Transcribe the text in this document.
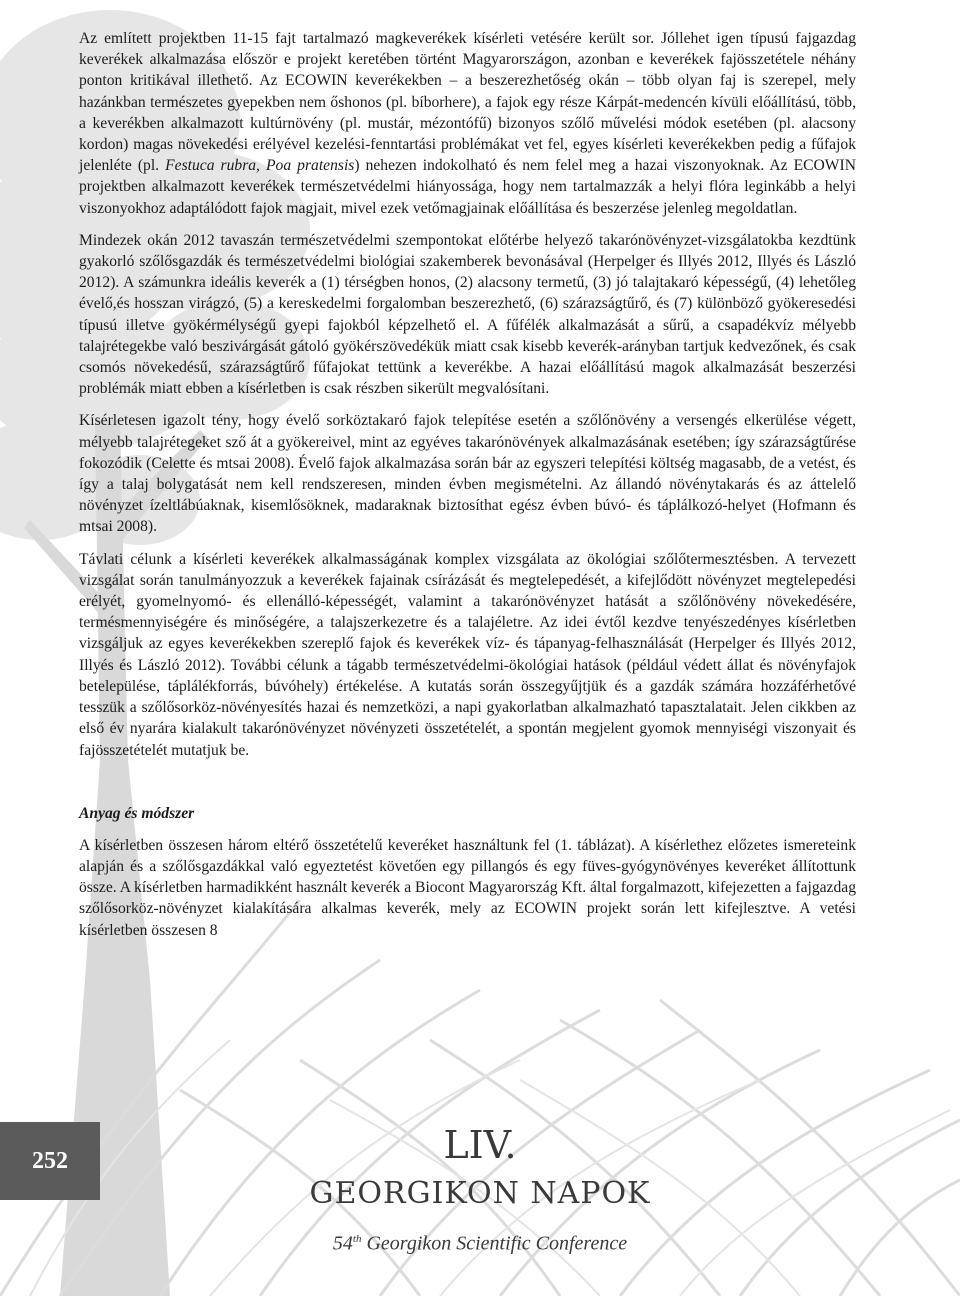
Az említett projektben 11-15 fajt tartalmazó magkeverékek kísérleti vetésére került sor. Jóllehet igen típusú fajgazdag keverékek alkalmazása először e projekt keretében történt Magyarországon, azonban e keverékek fajösszetétele néhány ponton kritikával illethető. Az ECOWIN keverékekben – a beszerezhetőség okán – több olyan faj is szerepel, mely hazánkban természetes gyepekben nem őshonos (pl. bíborhere), a fajok egy része Kárpát-medencén kívüli előállítású, több, a keverékben alkalmazott kultúrnövény (pl. mustár, mézontófű) bizonyos szőlő művelési módok esetében (pl. alacsony kordon) magas növekedési erélyével kezelési-fenntartási problémákat vet fel, egyes kísérleti keverékekben pedig a fűfajok jelenléte (pl. Festuca rubra, Poa pratensis) nehezen indokolható és nem felel meg a hazai viszonyoknak. Az ECOWIN projektben alkalmazott keverékek természetvédelmi hiányossága, hogy nem tartalmazzák a helyi flóra leginkább a helyi viszonyokhoz adaptálódott fajok magjait, mivel ezek vetőmagjainak előállítása és beszerzése jelenleg megoldatlan.

Mindezek okán 2012 tavaszán természetvédelmi szempontokat előtérbe helyező takarónövényzet-vizsgálatokba kezdtünk gyakorló szőlősgazdák és természetvédelmi biológiai szakemberek bevonásával (Herpelger és Illyés 2012, Illyés és László 2012). A számunkra ideális keverék a (1) térségben honos, (2) alacsony termetű, (3) jó talajtakaró képességű, (4) lehetőleg évelő,és hosszan virágzó, (5) a kereskedelmi forgalomban beszerezhető, (6) szárazságtűrő, és (7) különböző gyökeresedési típusú illetve gyökérmélységű gyepi fajokból képzelhető el. A fűfélék alkalmazását a sűrű, a csapadékvíz mélyebb talajrétegekbe való beszivárgását gátoló gyökérszövedékük miatt csak kisebb keverék-arányban tartjuk kedvezőnek, és csak csomós növekedésű, szárazságtűrő fűfajokat tettünk a keverékbe. A hazai előállítású magok alkalmazását beszerzési problémák miatt ebben a kísérletben is csak részben sikerült megvalósítani.

Kísérletesen igazolt tény, hogy évelő sorköztakaró fajok telepítése esetén a szőlőnövény a versengés elkerülése végett, mélyebb talajrétegeket sző át a gyökereivel, mint az egyéves takarónövények alkalmazásának esetében; így szárazságtűrése fokozódik (Celette és mtsai 2008). Évelő fajok alkalmazása során bár az egyszeri telepítési költség magasabb, de a vetést, és így a talaj bolygatását nem kell rendszeresen, minden évben megismételni. Az állandó növénytakarás és az áttelelő növényzet ízeltlábúaknak, kisemlősöknek, madaraknak biztosíthat egész évben búvó- és táplálkozó-helyet (Hofmann és mtsai 2008).

Távlati célunk a kísérleti keverékek alkalmasságának komplex vizsgálata az ökológiai szőlőtermesztésben. A tervezett vizsgálat során tanulmányozzuk a keverékek fajainak csírázását és megtelepedését, a kifejlődött növényzet megtelepedési erélyét, gyomelnyomó- és ellenálló-képességét, valamint a takarónövényzet hatását a szőlőnövény növekedésére, termésmennyiségére és minőségére, a talajszerkezetre és a talajéletre. Az idei évtől kezdve tenyészedényes kísérletben vizsgáljuk az egyes keverékekben szereplő fajok és keverékek víz- és tápanyag-felhasználását (Herpelger és Illyés 2012, Illyés és László 2012). További célunk a tágabb természetvédelmi-ökológiai hatások (például védett állat és növényfajok betelepülése, táplálékforrás, búvóhely) értékelése. A kutatás során összegyűjtjük és a gazdák számára hozzáférhetővé tesszük a szőlősorköz-növényesítés hazai és nemzetközi, a napi gyakorlatban alkalmazható tapasztalatait. Jelen cikkben az első év nyarára kialakult takarónövényzet növényzeti összetételét, a spontán megjelent gyomok mennyiségi viszonyait és fajösszetételét mutatjuk be.

Anyag és módszer

A kísérletben összesen három eltérő összetételű keveréket használtunk fel (1. táblázat). A kísérlethez előzetes ismereteink alapján és a szőlősgazdákkal való egyeztetést követően egy pillangós és egy füves-gyógynövényes keveréket állítottunk össze. A kísérletben harmadikként használt keverék a Biocont Magyarország Kft. által forgalmazott, kifejezetten a fajgazdag szőlősorköz-növényzet kialakítására alkalmas keverék, mely az ECOWIN projekt során lett kifejlesztve. A vetési kísérletben összesen 8

252	LIV.
GEORGIKON NAPOK
54th Georgikon Scientific Conference
